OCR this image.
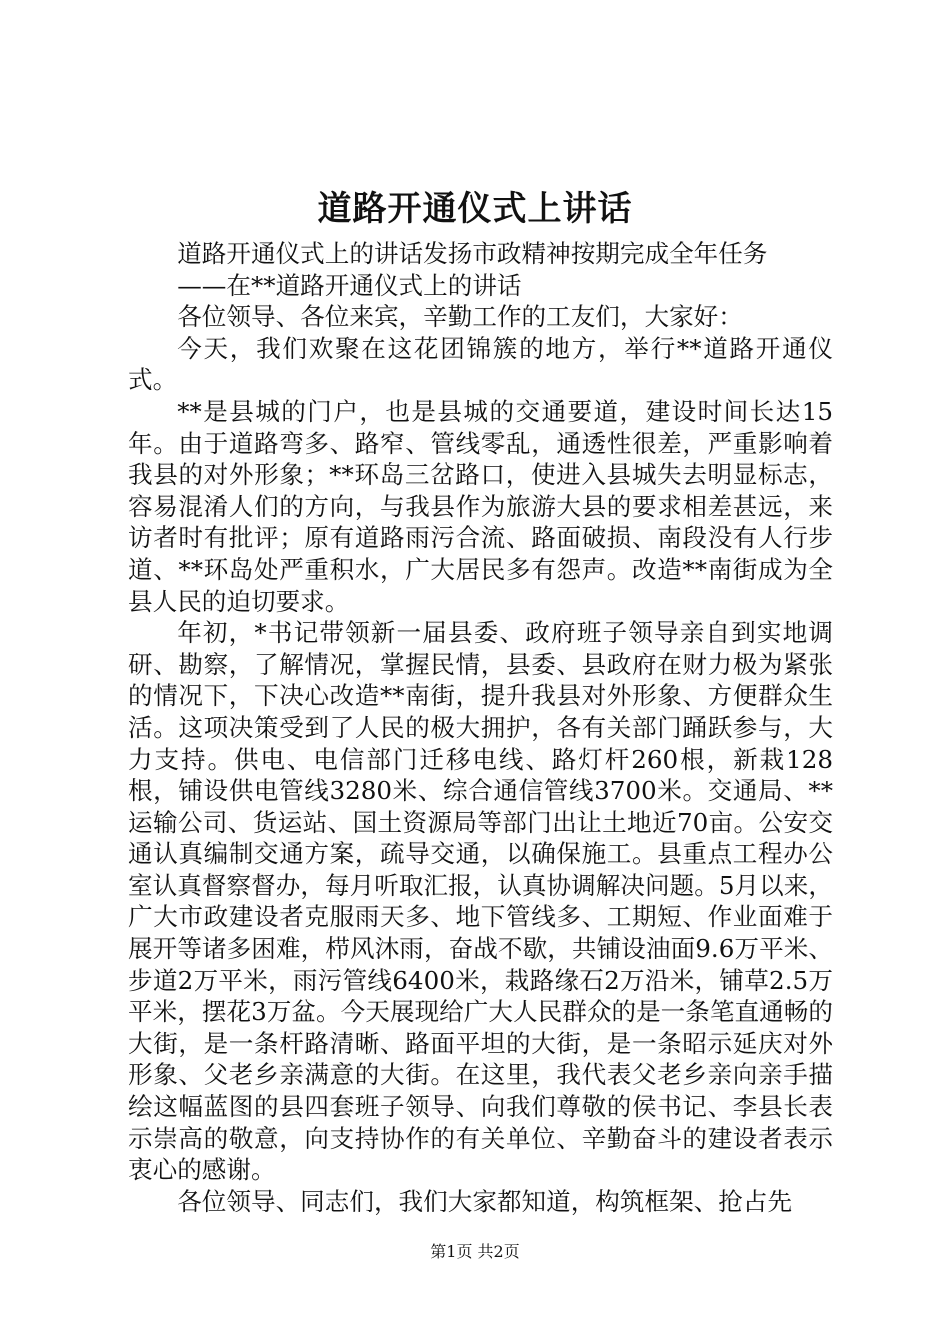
道路开通仪式上讲话

道路开通仪式上的讲话发扬市政精神按期完成全年任务

——在**道路开通仪式上的讲话

各位领导、各位来宾，辛勤工作的工友们，大家好：

今天，我们欢聚在这花团锦簇的地方，举行**道路开通仪式。

**是县城的门户，也是县城的交通要道，建设时间长达15年。由于道路弯多、路窄、管线零乱，通透性很差，严重影响着我县的对外形象；**环岛三岔路口，使进入县城失去明显标志，容易混淆人们的方向，与我县作为旅游大县的要求相差甚远，来访者时有批评；原有道路雨污合流、路面破损、南段没有人行步道、**环岛处严重积水，广大居民多有怨声。改造**南街成为全县人民的迫切要求。

年初，*书记带领新一届县委、政府班子领导亲自到实地调研、勘察，了解情况，掌握民情，县委、县政府在财力极为紧张的情况下，下决心改造**南街，提升我县对外形象、方便群众生活。这项决策受到了人民的极大拥护，各有关部门踊跃参与，大力支持。供电、电信部门迁移电线、路灯杆260根，新栽128根，铺设供电管线3280米、综合通信管线3700米。交通局、**运输公司、货运站、国土资源局等部门出让土地近70亩。公安交通认真编制交通方案，疏导交通，以确保施工。县重点工程办公室认真督察督办，每月听取汇报，认真协调解决问题。5月以来，广大市政建设者克服雨天多、地下管线多、工期短、作业面难于展开等诸多困难，栉风沐雨，奋战不歇，共铺设油面9.6万平米、步道2万平米，雨污管线6400米，栽路缘石2万沿米，铺草2.5万平米，摆花3万盆。今天展现给广大人民群众的是一条笔直通畅的大街，是一条杆路清晰、路面平坦的大街，是一条昭示延庆对外形象、父老乡亲满意的大街。在这里，我代表父老乡亲向亲手描绘这幅蓝图的县四套班子领导、向我们尊敬的侯书记、李县长表示崇高的敬意，向支持协作的有关单位、辛勤奋斗的建设者表示衷心的感谢。

各位领导、同志们，我们大家都知道，构筑框架、抢占先

第1页 共2页
